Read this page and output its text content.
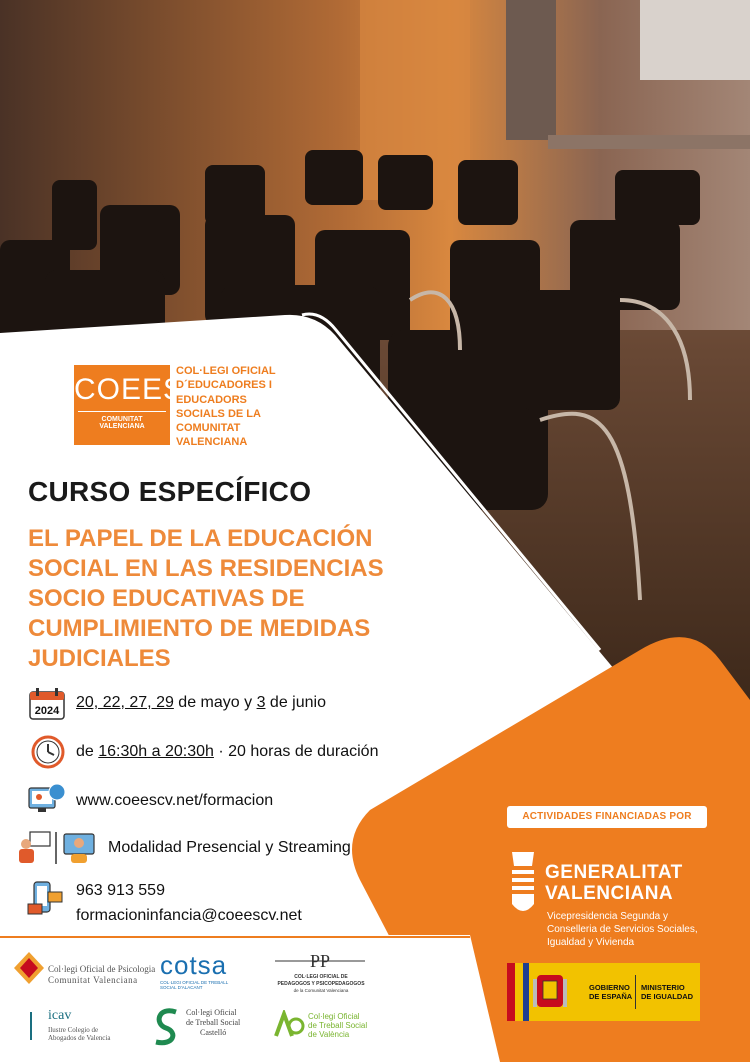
COEES
COMUNITAT VALENCIANA
COL·LEGI OFICIAL
D´EDUCADORES I
EDUCADORS
SOCIALS DE LA
COMUNITAT
VALENCIANA
CURSO ESPECÍFICO
EL PAPEL DE LA EDUCACIÓN SOCIAL EN LAS RESIDENCIAS SOCIO EDUCATIVAS DE CUMPLIMIENTO DE MEDIDAS JUDICIALES
2024 20, 22, 27, 29 de mayo y 3 de junio
de 16:30h a 20:30h · 20 horas de duración
www.coeescv.net/formacion
Modalidad Presencial y Streaming
963 913 559
formacioninfancia@coeescv.net
ACTIVIDADES FINANCIADAS POR
GENERALITAT
VALENCIANA
Vicepresidencia Segunda y Conselleria de Servicios Sociales, Igualdad y Vivienda
GOBIERNO
DE ESPAÑA
MINISTERIO
DE IGUALDAD
Col·legi Oficial de Psicologia
Comunitat Valenciana cotsa
COL·LEGI OFICIAL DE TREBALL SOCIAL D'ALACANT
PP
COL·LEGI OFICIAL DE
PEDAGOGOS Y PSICOPEDAGOGOS
de la Comunitat Valenciana
icav
Ilustre Colegio de
Abogados de Valencia
Col·legi Oficial
de Treball Social
Castelló
Col·legi Oficial
de Treball Social
de València
